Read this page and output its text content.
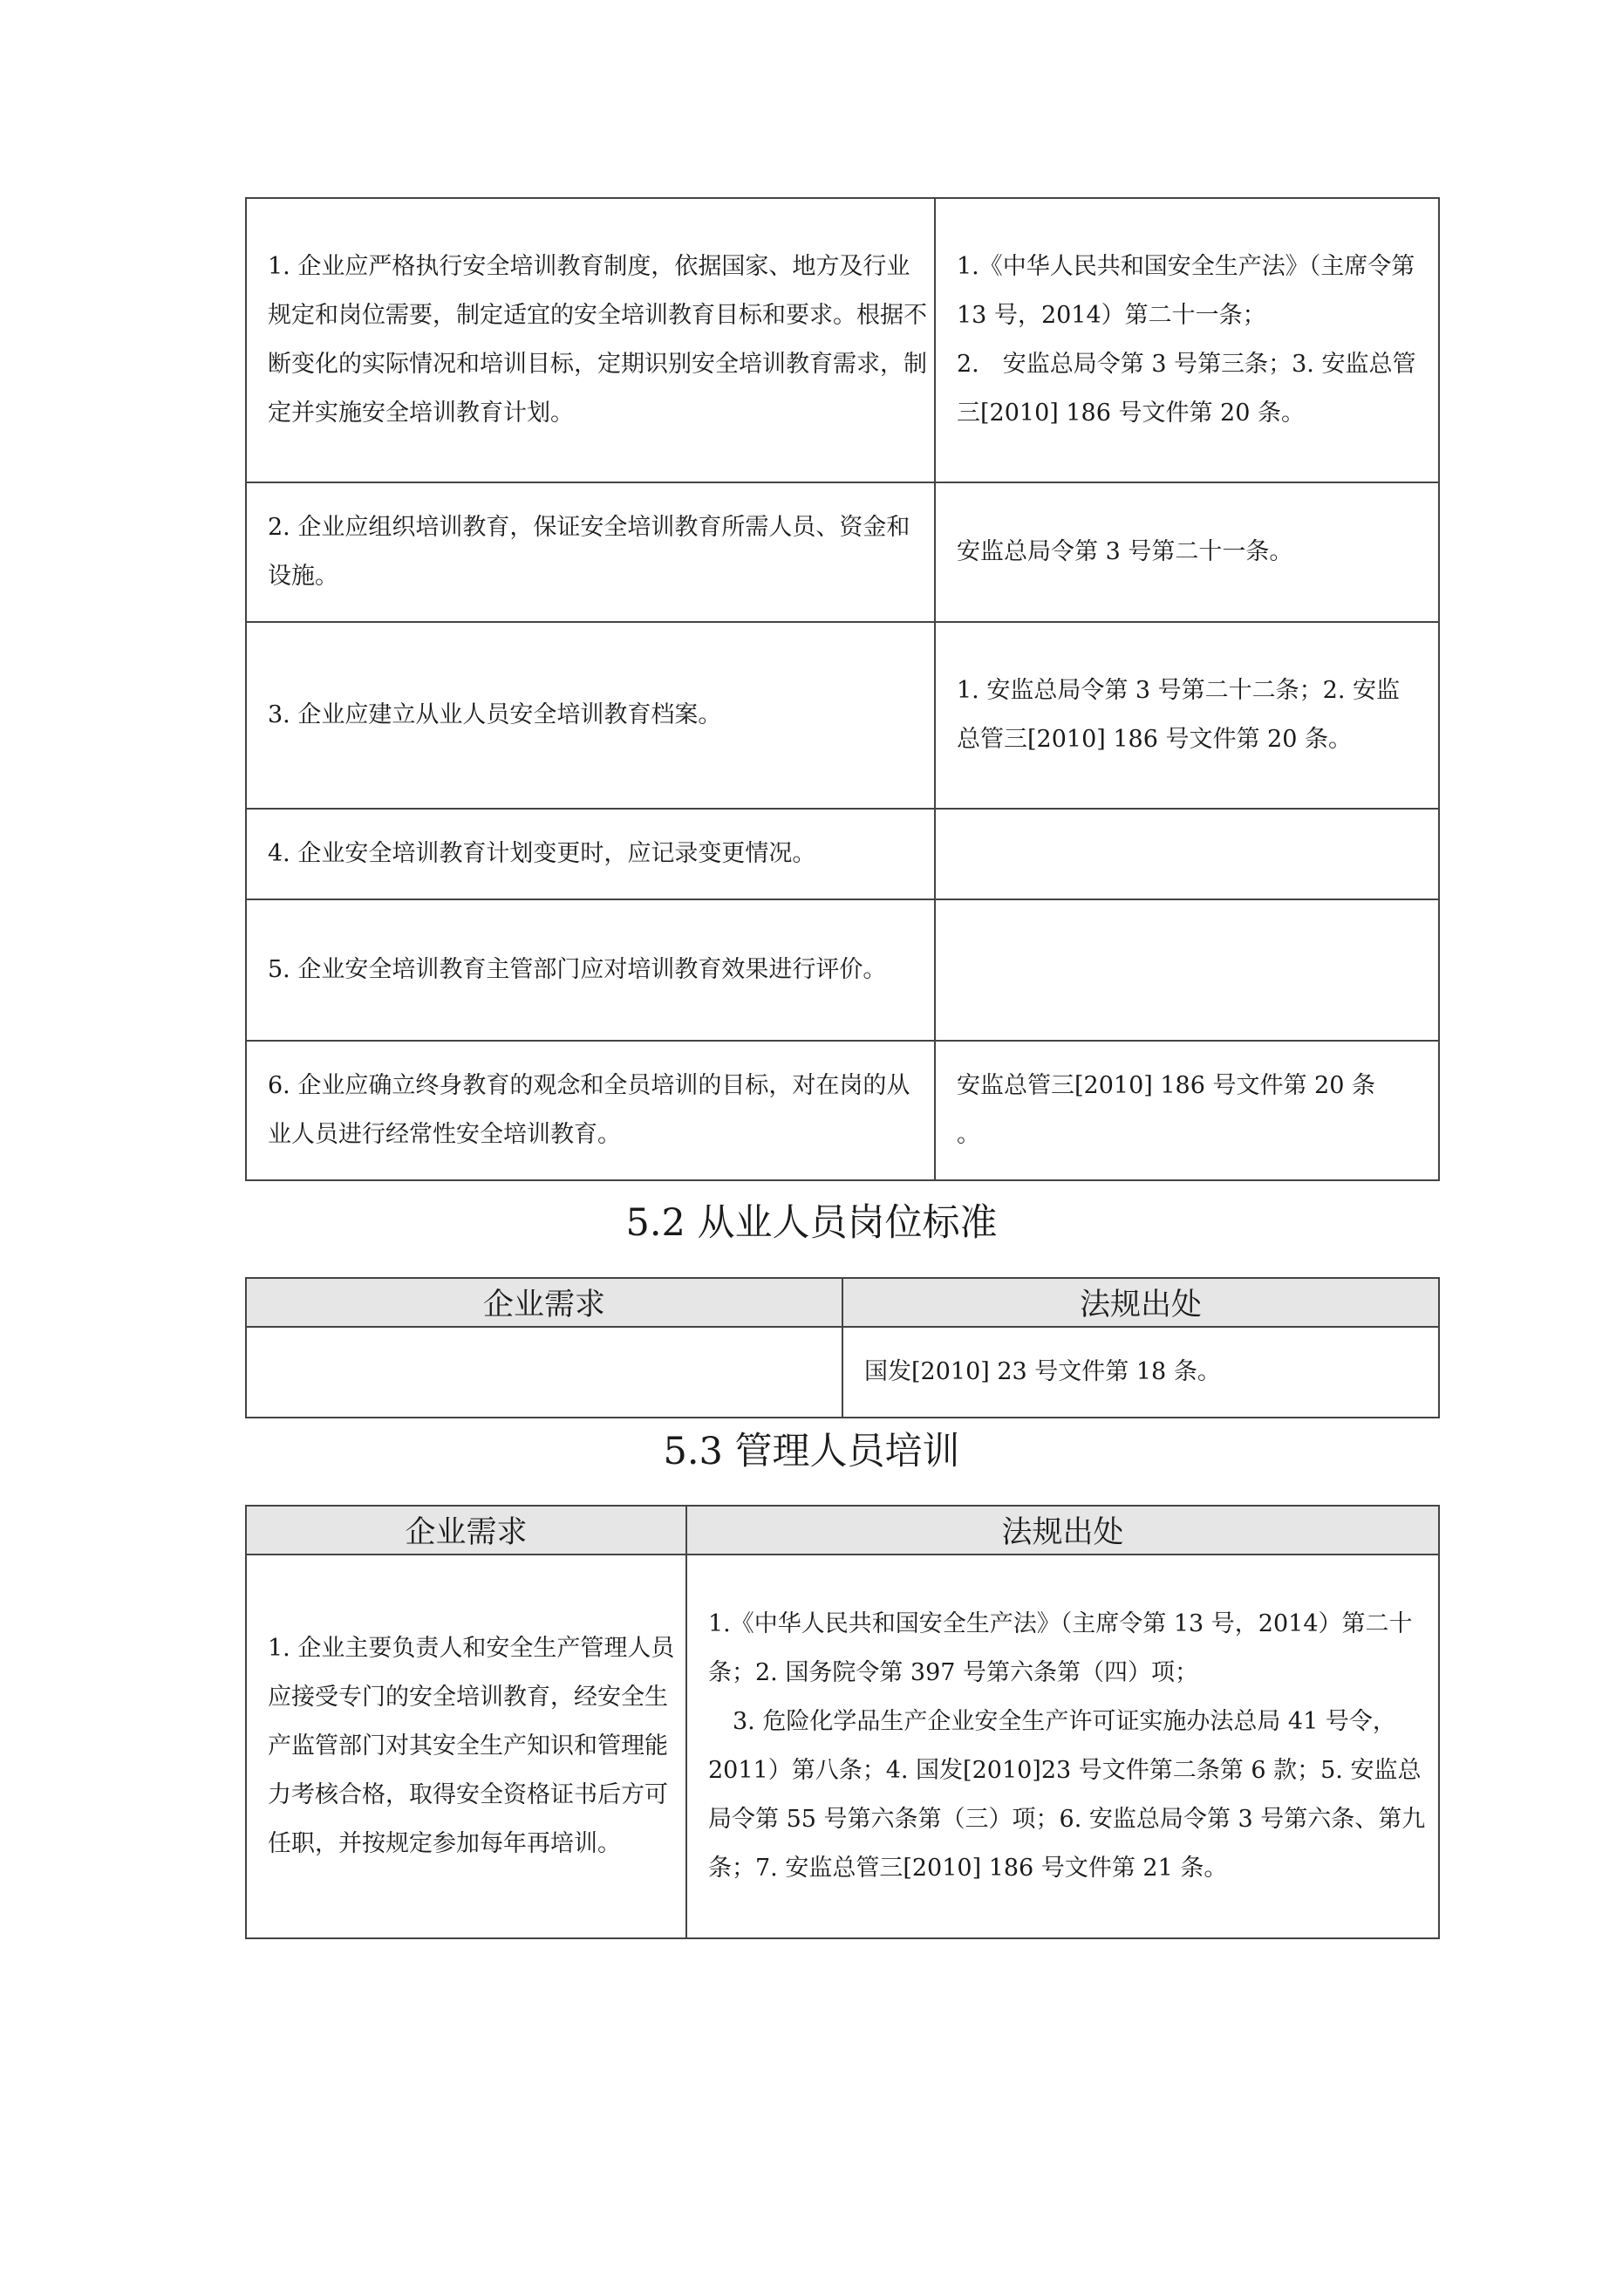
1. 企业应严格执行安全培训教育制度，依据国家、地方及行业规定和岗位需要，制定适宜的安全培训教育目标和要求。根据不断变化的实际情况和培训目标，定期识别安全培训教育需求，制定并实施安全培训教育计划。	1.《中华人民共和国安全生产法》（主席令第 13 号，2014）第二十一条；
2.　安监总局令第 3 号第三条；3. 安监总管三[2010] 186 号文件第 20 条。

2. 企业应组织培训教育，保证安全培训教育所需人员、资金和设施。	安监总局令第 3 号第二十一条。

3. 企业应建立从业人员安全培训教育档案。	1. 安监总局令第 3 号第二十二条；2. 安监总管三[2010] 186 号文件第 20 条。

4. 企业安全培训教育计划变更时，应记录变更情况。	

5. 企业安全培训教育主管部门应对培训教育效果进行评价。	

6. 企业应确立终身教育的观念和全员培训的目标，对在岗的从业人员进行经常性安全培训教育。	安监总管三[2010] 186 号文件第 20 条
。
5.2 从业人员岗位标准
企业需求	法规出处
	国发[2010] 23 号文件第 18 条。
5.3 管理人员培训
企业需求	法规出处
1. 企业主要负责人和安全生产管理人员应接受专门的安全培训教育，经安全生产监管部门对其安全生产知识和管理能力考核合格，取得安全资格证书后方可任职，并按规定参加每年再培训。	1.《中华人民共和国安全生产法》（主席令第 13 号，2014）第二十条；2. 国务院令第 397 号第六条第（四）项；
3. 危险化学品生产企业安全生产许可证实施办法总局 41 号令，2011）第八条；4. 国发[2010]23 号文件第二条第 6 款；5. 安监总局令第 55 号第六条第（三）项；6. 安监总局令第 3 号第六条、第九条；7. 安监总管三[2010] 186 号文件第 21 条。
